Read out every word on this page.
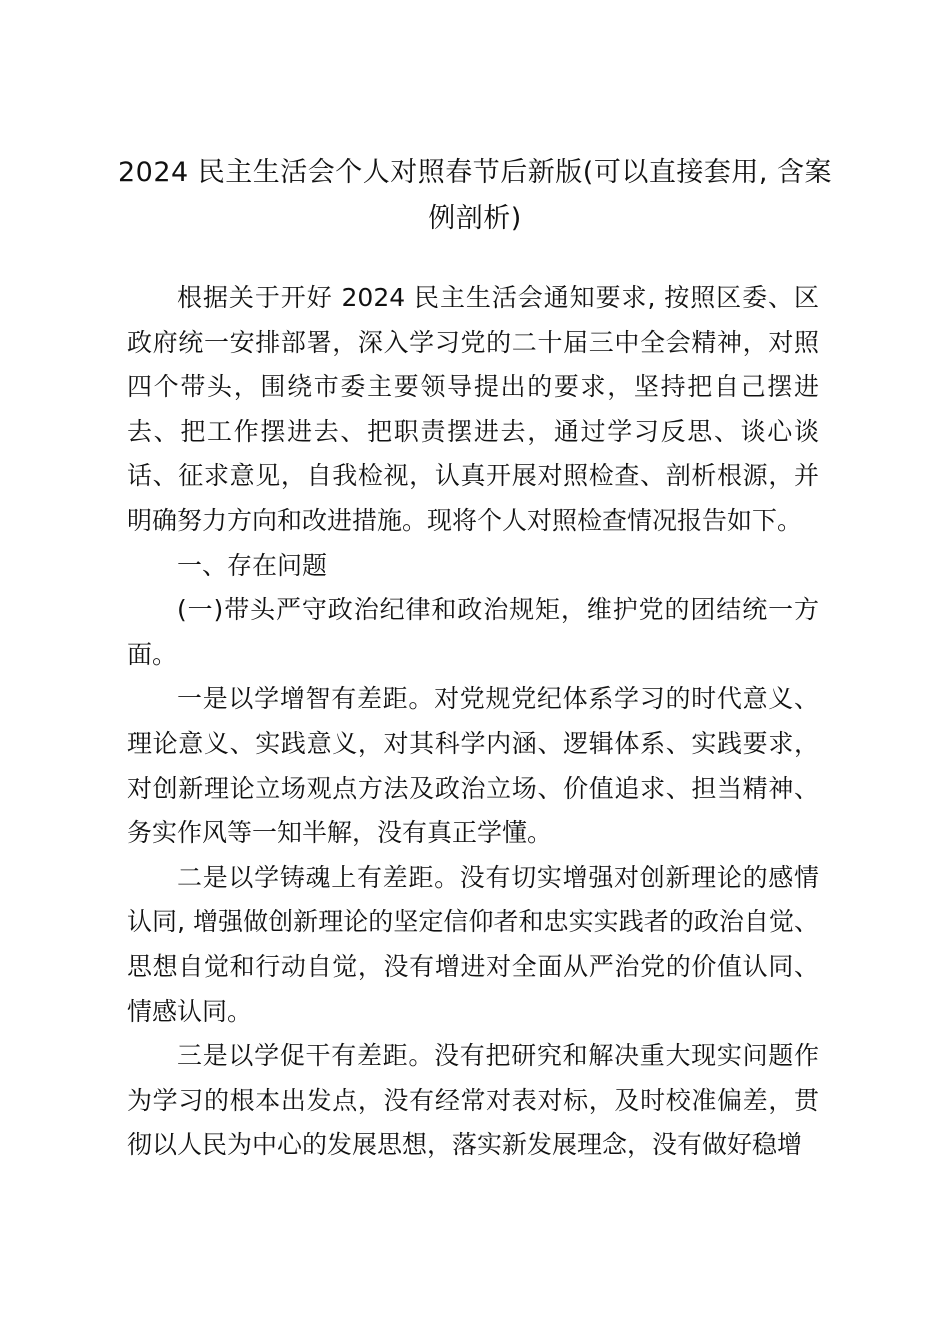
2024 民主生活会个人对照春节后新版(可以直接套用, 含案例剖析)

根据关于开好 2024 民主生活会通知要求, 按照区委、区政府统一安排部署，深入学习党的二十届三中全会精神，对照四个带头，围绕市委主要领导提出的要求，坚持把自己摆进去、把工作摆进去、把职责摆进去，通过学习反思、谈心谈话、征求意见，自我检视，认真开展对照检查、剖析根源，并明确努力方向和改进措施。现将个人对照检查情况报告如下。

一、存在问题

(一)带头严守政治纪律和政治规矩，维护党的团结统一方面。

一是以学增智有差距。对党规党纪体系学习的时代意义、理论意义、实践意义，对其科学内涵、逻辑体系、实践要求，对创新理论立场观点方法及政治立场、价值追求、担当精神、务实作风等一知半解，没有真正学懂。

二是以学铸魂上有差距。没有切实增强对创新理论的感情认同, 增强做创新理论的坚定信仰者和忠实实践者的政治自觉、思想自觉和行动自觉，没有增进对全面从严治党的价值认同、情感认同。

三是以学促干有差距。没有把研究和解决重大现实问题作为学习的根本出发点，没有经常对表对标，及时校准偏差，贯彻以人民为中心的发展思想，落实新发展理念，没有做好稳增
